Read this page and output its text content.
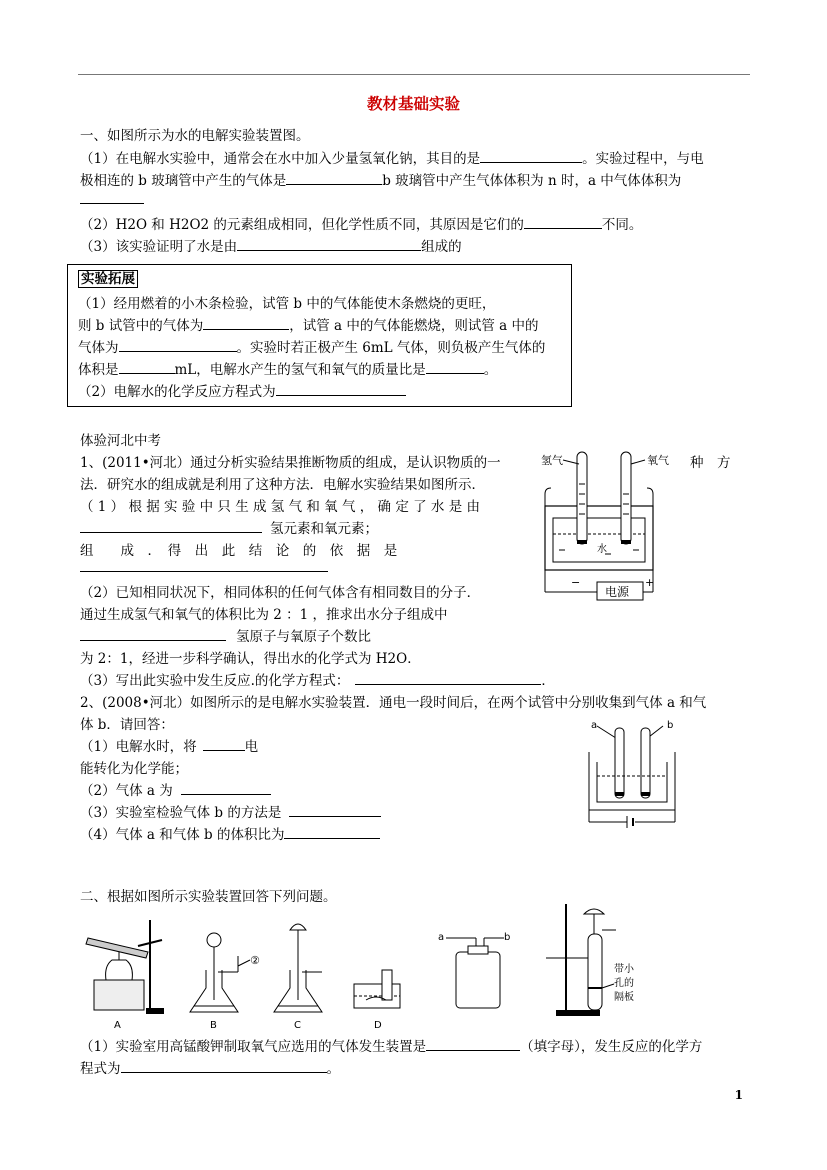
教材基础实验
一、如图所示为水的电解实验装置图。
（1）在电解水实验中，通常会在水中加入少量氢氧化钠，其目的是	。实验过程中，与电
极相连的 b 玻璃管中产生的气体是	b 玻璃管中产生气体体积为 n 时，a 中气体体积为
（2）H2O 和 H2O2 的元素组成相同，但化学性质不同，其原因是它们的	不同。
（3）该实验证明了水是由	组成的
实验拓展
（1）经用燃着的小木条检验，试管 b 中的气体能使木条燃烧的更旺，
则 b 试管中的气体为	，试管 a 中的气体能燃烧，则试管 a 中的
气体为	。实验时若正极产生 6mL 气体，则负极产生气体的
体积是	mL，电解水产生的氢气和氧气的质量比是	。
（2）电解水的化学反应方程式为
体验河北中考
1、(2011•河北）通过分析实验结果推断物质的组成，是认识物质的一	种　方
法．研究水的组成就是利用了这种方法．电解水实验结果如图所示．
（ 1 ） 根 据 实 验 中 只 生 成 氢 气 和 氧 气 ， 确 定 了 水 是 由
氢元素和氧元素；
组　　成　．　得　出　此　结　论　的　依　据　是
（2）已知相同状况下，相同体积的任何气体含有相同数目的分子．
通过生成氢气和氧气的体积比为 2 ：1 ，推求出水分子组成中
氢原子与氧原子个数比
为 2：1，经进一步科学确认，得出水的化学式为 H2O．
（3）写出此实验中发生反应.的化学方程式：	．
2、(2008•河北）如图所示的是电解水实验装置．通电一段时间后，在两个试管中分别收集到气体 a 和气
体 b．请回答：
（1）电解水时，将	电
能转化为化学能；
（2）气体 a 为
（3）实验室检验气体 b 的方法是
（4）气体 a 和气体 b 的体积比为
水
电源
−	+
氢气	氧气
a	b
二、根据如图所示实验装置回答下列问题。
A
②
B	C	D
a	b
带小
孔的
隔板
（1）实验室用高锰酸钾制取氧气应选用的气体发生装置是	（填字母），发生反应的化学方
程式为	。
1
